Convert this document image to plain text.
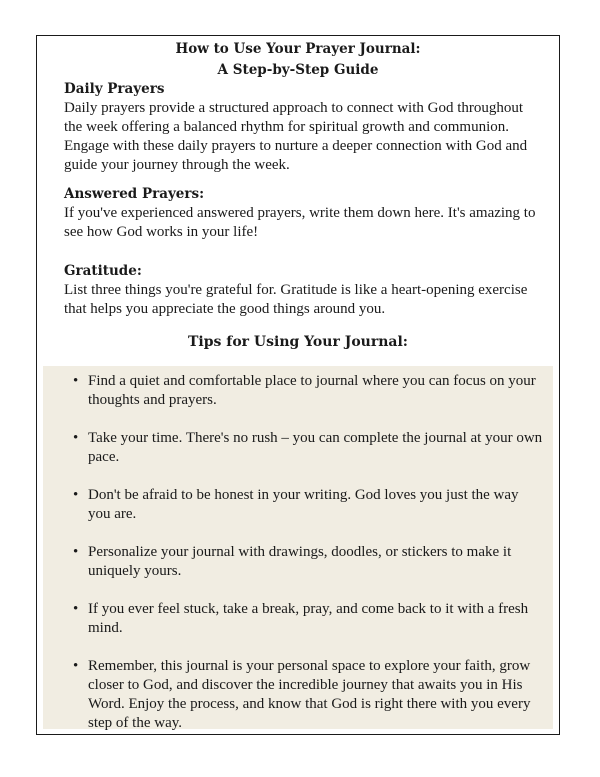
How to Use Your Prayer Journal:
A Step-by-Step Guide
Daily Prayers
Daily prayers provide a structured approach to connect with God throughout the week offering a balanced rhythm for spiritual growth and communion. Engage with these daily prayers to nurture a deeper connection with God and guide your journey through the week.
Answered Prayers:
If you've experienced answered prayers, write them down here. It's amazing to see how God works in your life!
Gratitude:
List three things you're grateful for. Gratitude is like a heart-opening exercise that helps you appreciate the good things around you.
Tips for Using Your Journal:
• Find a quiet and comfortable place to journal where you can focus on your thoughts and prayers.
• Take your time. There's no rush – you can complete the journal at your own pace.
• Don't be afraid to be honest in your writing. God loves you just the way you are.
• Personalize your journal with drawings, doodles, or stickers to make it uniquely yours.
• If you ever feel stuck, take a break, pray, and come back to it with a fresh mind.
• Remember, this journal is your personal space to explore your faith, grow closer to God, and discover the incredible journey that awaits you in His Word. Enjoy the process, and know that God is right there with you every step of the way.
